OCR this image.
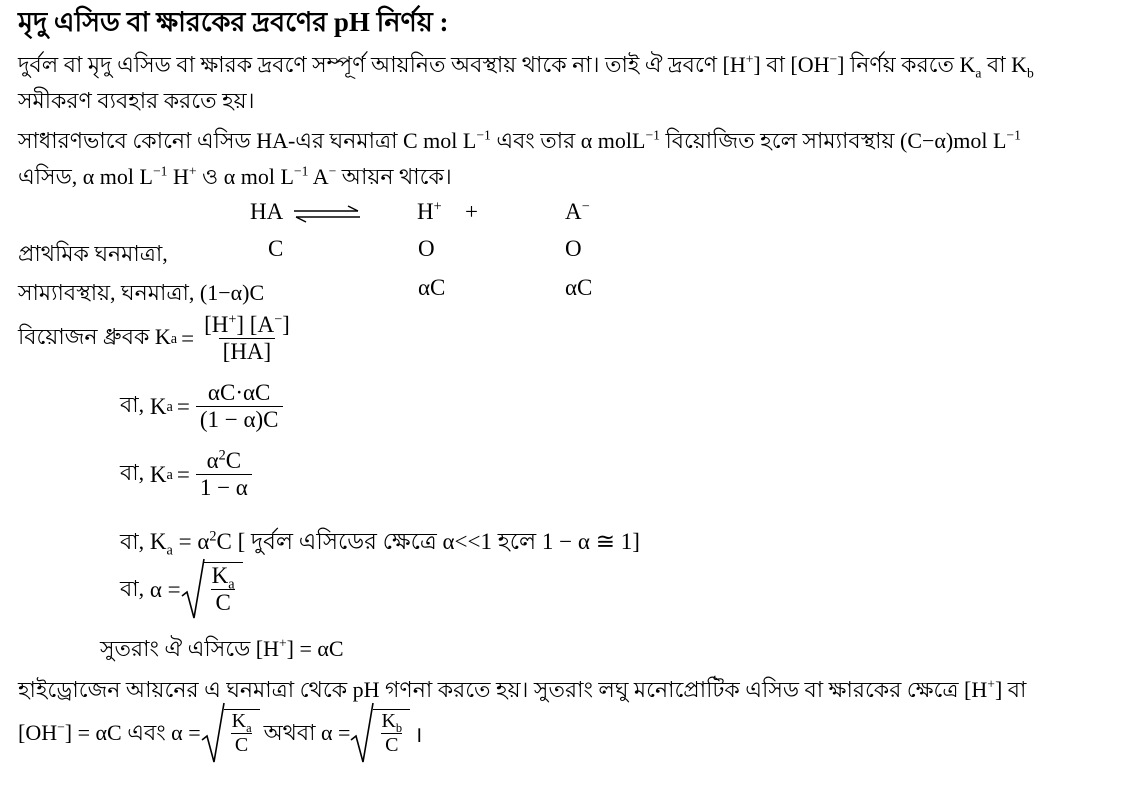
মৃদু এসিড বা ক্ষারকের দ্রবণের pH নির্ণয় :
দুর্বল বা মৃদু এসিড বা ক্ষারক দ্রবণে সম্পূর্ণ আয়নিত অবস্থায় থাকে না। তাই ঐ দ্রবণে [H+] বা [OH−] নির্ণয় করতে $K_a$ বা $K_b$
সমীকরণ ব্যবহার করতে হয়।
সাধারণভাবে কোনো এসিড HA-এর ঘনমাত্রা C mol $L^{-1}$ এবং তার α molL$^{-1}$ বিয়োজিত হলে সাম্যাবস্থায় (C−α)mol $L^{-1}$
এসিড, α mol $L^{-1}$ H+ ও α mol $L^{-1}$ A− আয়ন থাকে।
HA	H+ +	A−
প্রাথমিক ঘনমাত্রা,	C	O	O
সাম্যাবস্থায়, ঘনমাত্রা, (1−α)C	αC	αC
বিয়োজন ধ্রুবক K $a = \frac{[H^+] [A^-]}{[HA]}$
বা,
K $a = \frac{\alpha C\cdot\alpha C}{(1 - \alpha)C}$
বা,
K $a = \frac{\alpha^2C}{1 - \alpha}$
বা, $K_a = \alpha^2C$ [ দুর্বল এসিডের ক্ষেত্রে α<<1 হলে 1 − α ≅ 1]
বা,
$\alpha = \frac{K_a}{C}$
সুতরাং ঐ এসিডে [H+] = αC
হাইড্রোজেন আয়নের এ ঘনমাত্রা থেকে pH গণনা করতে হয়। সুতরাং লঘু মনোপ্রোটিক এসিড বা ক্ষারকের ক্ষেত্রে [H+] বা
[OH−] = αC এবং $\alpha = \frac{K_a}{C}$ অথবা $\alpha = \frac{K_b}{C}$ ।
